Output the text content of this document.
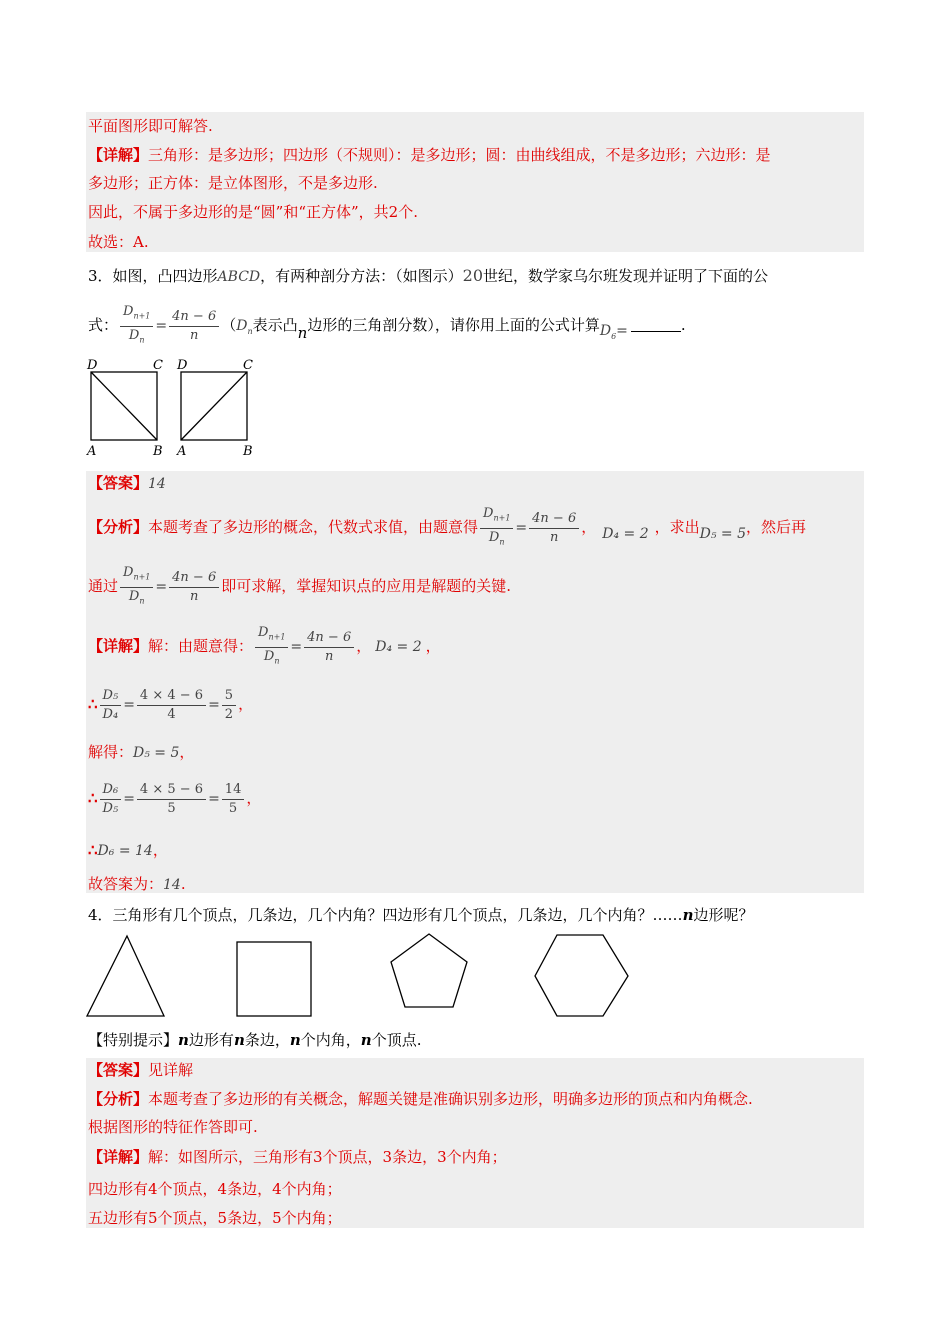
平面图形即可解答.
【详解】三角形：是多边形；四边形（不规则）：是多边形；圆：由曲线组成，不是多边形；六边形：是
多边形；正方体：是立体图形，不是多边形.
因此，不属于多边形的是“圆”和“正方体”，共2个.
故选：A.
3．如图，凸四边形ABCD，有两种剖分方法：（如图示）20世纪，数学家乌尔班发现并证明了下面的公
式： $\frac{D_{n+1}}{D_n} = \frac{4n - 6}{n} (D_n$表示凸n边形的三角剖分数），请你用上面的公式计算$D_6=$	.
D	C
A	B
D	C
A	B
【答案】14
【分析】本题考查了多边形的概念，代数式求值，由题意得 $\frac{D_{n+1}}{D_n} = \frac{4n - 6}{n}$ ， D₄ = 2 ，求出D₅ = 5，然后再
通过 $\frac{D_{n+1}}{D_n} = \frac{4n - 6}{n}$ 即可求解，掌握知识点的应用是解题的关键.
【详解】解：由题意得： $\frac{D_{n+1}}{D_n} = \frac{4n - 6}{n}$ ， D₄ = 2 ，
∴ $\frac{\text{D₅}}{\text{D₄}} = \frac{4 \times 4 - 6}{4} = \frac{5}{2}$ ，
解得：D₅ = 5，
∴ $\frac{\text{D₆}}{\text{D₅}} = \frac{4 \times 5 - 6}{5} = \frac{14}{5}$ ，
∴D₆ = 14，
故答案为：14.
4．三角形有几个顶点，几条边，几个内角？四边形有几个顶点，几条边，几个内角？……n边形呢？
【特别提示】n边形有n条边，n个内角，n个顶点.
【答案】见详解
【分析】本题考查了多边形的有关概念，解题关键是准确识别多边形，明确多边形的顶点和内角概念.
根据图形的特征作答即可.
【详解】解：如图所示，三角形有3个顶点，3条边，3个内角；
四边形有4个顶点，4条边，4个内角；
五边形有5个顶点，5条边，5个内角；
